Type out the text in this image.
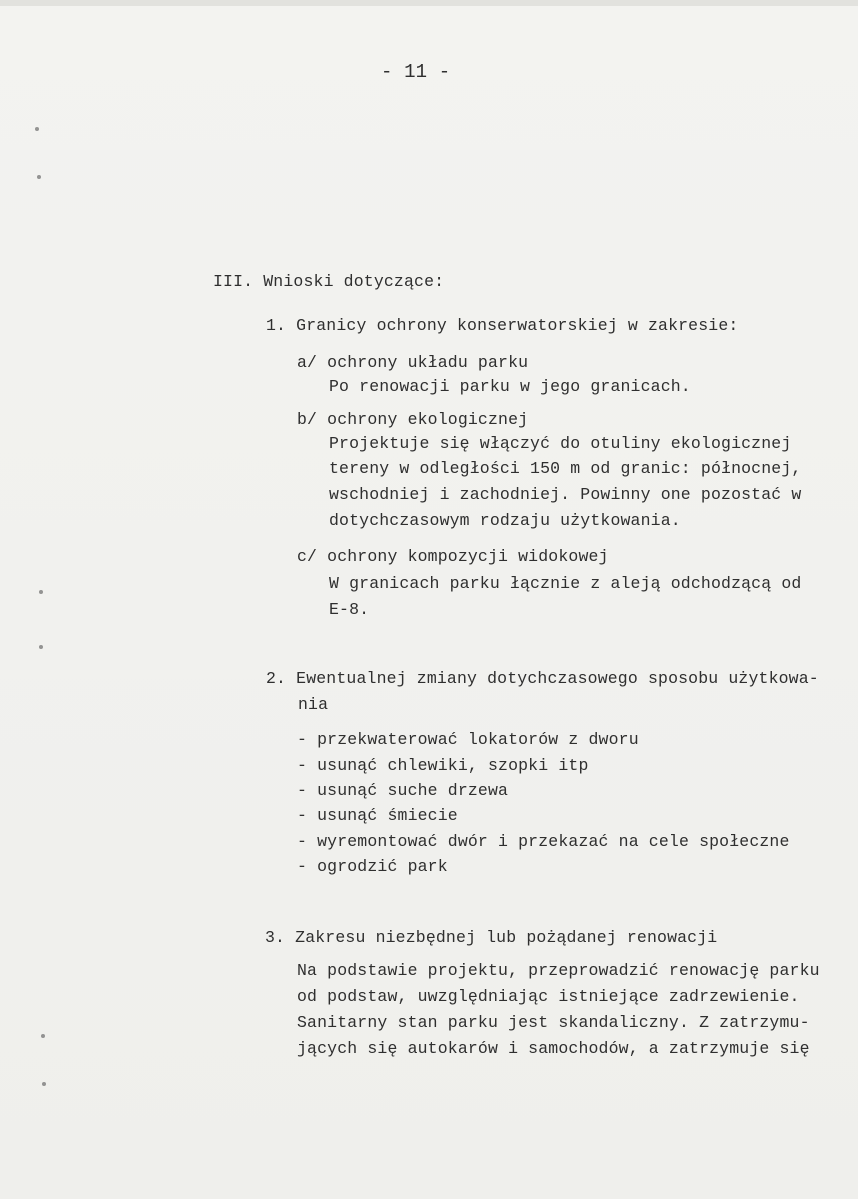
- 11 -
III. Wnioski dotyczące:
1. Granicy ochrony konserwatorskiej w zakresie:
a/ ochrony układu parku
Po renowacji parku w jego granicach.
b/ ochrony ekologicznej
Projektuje się włączyć do otuliny ekologicznej
tereny w odległości 150 m od granic: północnej,
wschodniej i zachodniej. Powinny one pozostać w
dotychczasowym rodzaju użytkowania.
c/ ochrony kompozycji widokowej
W granicach parku łącznie z aleją odchodzącą od
E-8.
2. Ewentualnej zmiany dotychczasowego sposobu użytkowa-
nia
- przekwaterować lokatorów z dworu
- usunąć chlewiki, szopki itp
- usunąć suche drzewa
- usunąć śmiecie
- wyremontować dwór i przekazać na cele społeczne
- ogrodzić park
3. Zakresu niezbędnej lub pożądanej renowacji
Na podstawie projektu, przeprowadzić renowację parku
od podstaw, uwzględniając istniejące zadrzewienie.
Sanitarny stan parku jest skandaliczny. Z zatrzymu-
jących się autokarów i samochodów, a zatrzymuje się
